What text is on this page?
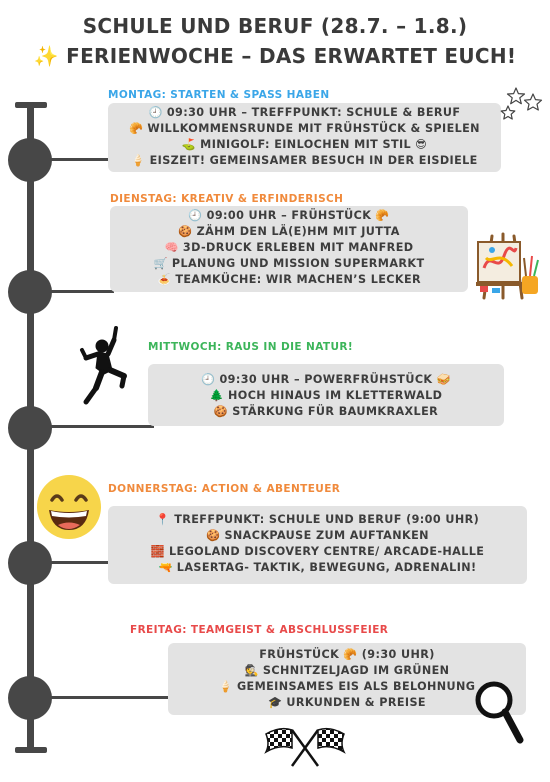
SCHULE UND BERUF (28.7. – 1.8.)
✨ FERIENWOCHE – DAS ERWARTET EUCH!
MONTAG: STARTEN & SPASS HABEN
🕘 09:30 UHR – TREFFPUNKT: SCHULE & BERUF
🥐 WILLKOMMENSRUNDE MIT FRÜHSTÜCK & SPIELEN
⛳ MINIGOLF: EINLOCHEN MIT STIL 😎
🍦 EISZEIT! GEMEINSAMER BESUCH IN DER EISDIELE
DIENSTAG: KREATIV & ERFINDERISCH
🕘 09:00 UHR – FRÜHSTÜCK 🥐
🍪 ZÄHM DEN LÄ(E)HM MIT JUTTA
🧠 3D-DRUCK ERLEBEN MIT MANFRED
🛒 PLANUNG UND MISSION SUPERMARKT
🍝 TEAMKÜCHE: WIR MACHEN’S LECKER
MITTWOCH: RAUS IN DIE NATUR!
🕘 09:30 UHR – POWERFRÜHSTÜCK 🥪
🌲 HOCH HINAUS IM KLETTERWALD
🍪 STÄRKUNG FÜR BAUMKRAXLER
DONNERSTAG: ACTION & ABENTEUER
📍 TREFFPUNKT: SCHULE UND BERUF (9:00 UHR)
🍪 SNACKPAUSE ZUM AUFTANKEN
🧱 LEGOLAND DISCOVERY CENTRE/ ARCADE-HALLE
🔫 LASERTAG- TAKTIK, BEWEGUNG, ADRENALIN!
FREITAG: TEAMGEIST & ABSCHLUSSFEIER
FRÜHSTÜCK 🥐 (9:30 UHR)
🕵 SCHNITZELJAGD IM GRÜNEN
🍦 GEMEINSAMES EIS ALS BELOHNUNG
🎓 URKUNDEN & PREISE
